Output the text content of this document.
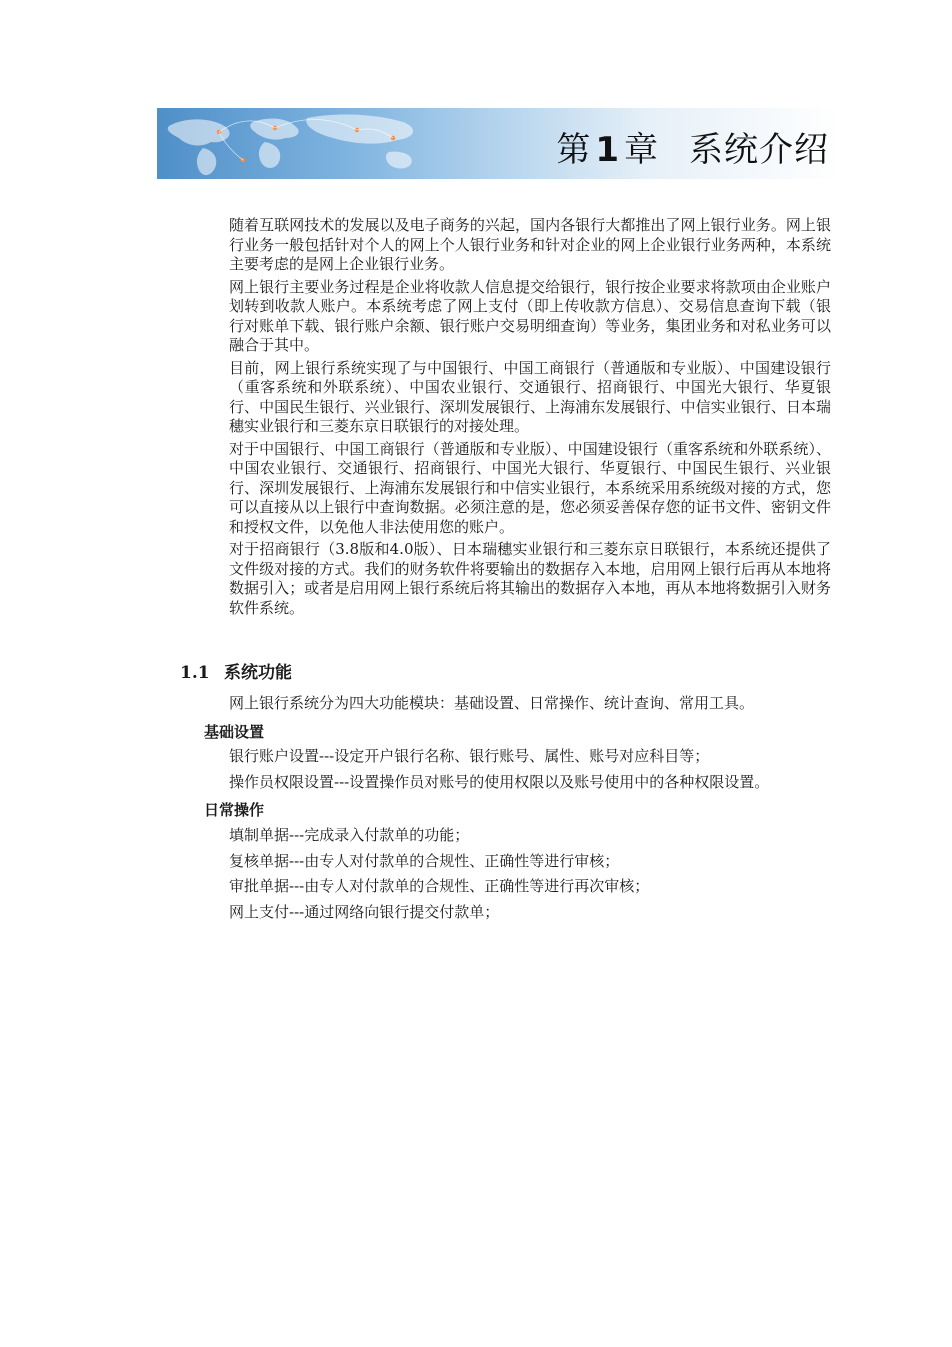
第 1 章 系统介绍

随着互联网技术的发展以及电子商务的兴起，国内各银行大都推出了网上银行业务。网上银行业务一般包括针对个人的网上个人银行业务和针对企业的网上企业银行业务两种，本系统主要考虑的是网上企业银行业务。

网上银行主要业务过程是企业将收款人信息提交给银行，银行按企业要求将款项由企业账户划转到收款人账户。本系统考虑了网上支付（即上传收款方信息）、交易信息查询下载（银行对账单下载、银行账户余额、银行账户交易明细查询）等业务，集团业务和对私业务可以融合于其中。

目前，网上银行系统实现了与中国银行、中国工商银行（普通版和专业版）、中国建设银行（重客系统和外联系统）、中国农业银行、交通银行、招商银行、中国光大银行、华夏银行、中国民生银行、兴业银行、深圳发展银行、上海浦东发展银行、中信实业银行、日本瑞穗实业银行和三菱东京日联银行的对接处理。

对于中国银行、中国工商银行（普通版和专业版）、中国建设银行（重客系统和外联系统）、中国农业银行、交通银行、招商银行、中国光大银行、华夏银行、中国民生银行、兴业银行、深圳发展银行、上海浦东发展银行和中信实业银行，本系统采用系统级对接的方式，您可以直接从以上银行中查询数据。必须注意的是，您必须妥善保存您的证书文件、密钥文件和授权文件，以免他人非法使用您的账户。

对于招商银行（3.8版和4.0版）、日本瑞穗实业银行和三菱东京日联银行，本系统还提供了文件级对接的方式。我们的财务软件将要输出的数据存入本地，启用网上银行后再从本地将数据引入；或者是启用网上银行系统后将其输出的数据存入本地，再从本地将数据引入财务软件系统。

1.1 系统功能
网上银行系统分为四大功能模块：基础设置、日常操作、统计查询、常用工具。
基础设置
银行账户设置---设定开户银行名称、银行账号、属性、账号对应科目等；
操作员权限设置---设置操作员对账号的使用权限以及账号使用中的各种权限设置。
日常操作
填制单据---完成录入付款单的功能；
复核单据---由专人对付款单的合规性、正确性等进行审核；
审批单据---由专人对付款单的合规性、正确性等进行再次审核；
网上支付---通过网络向银行提交付款单；
